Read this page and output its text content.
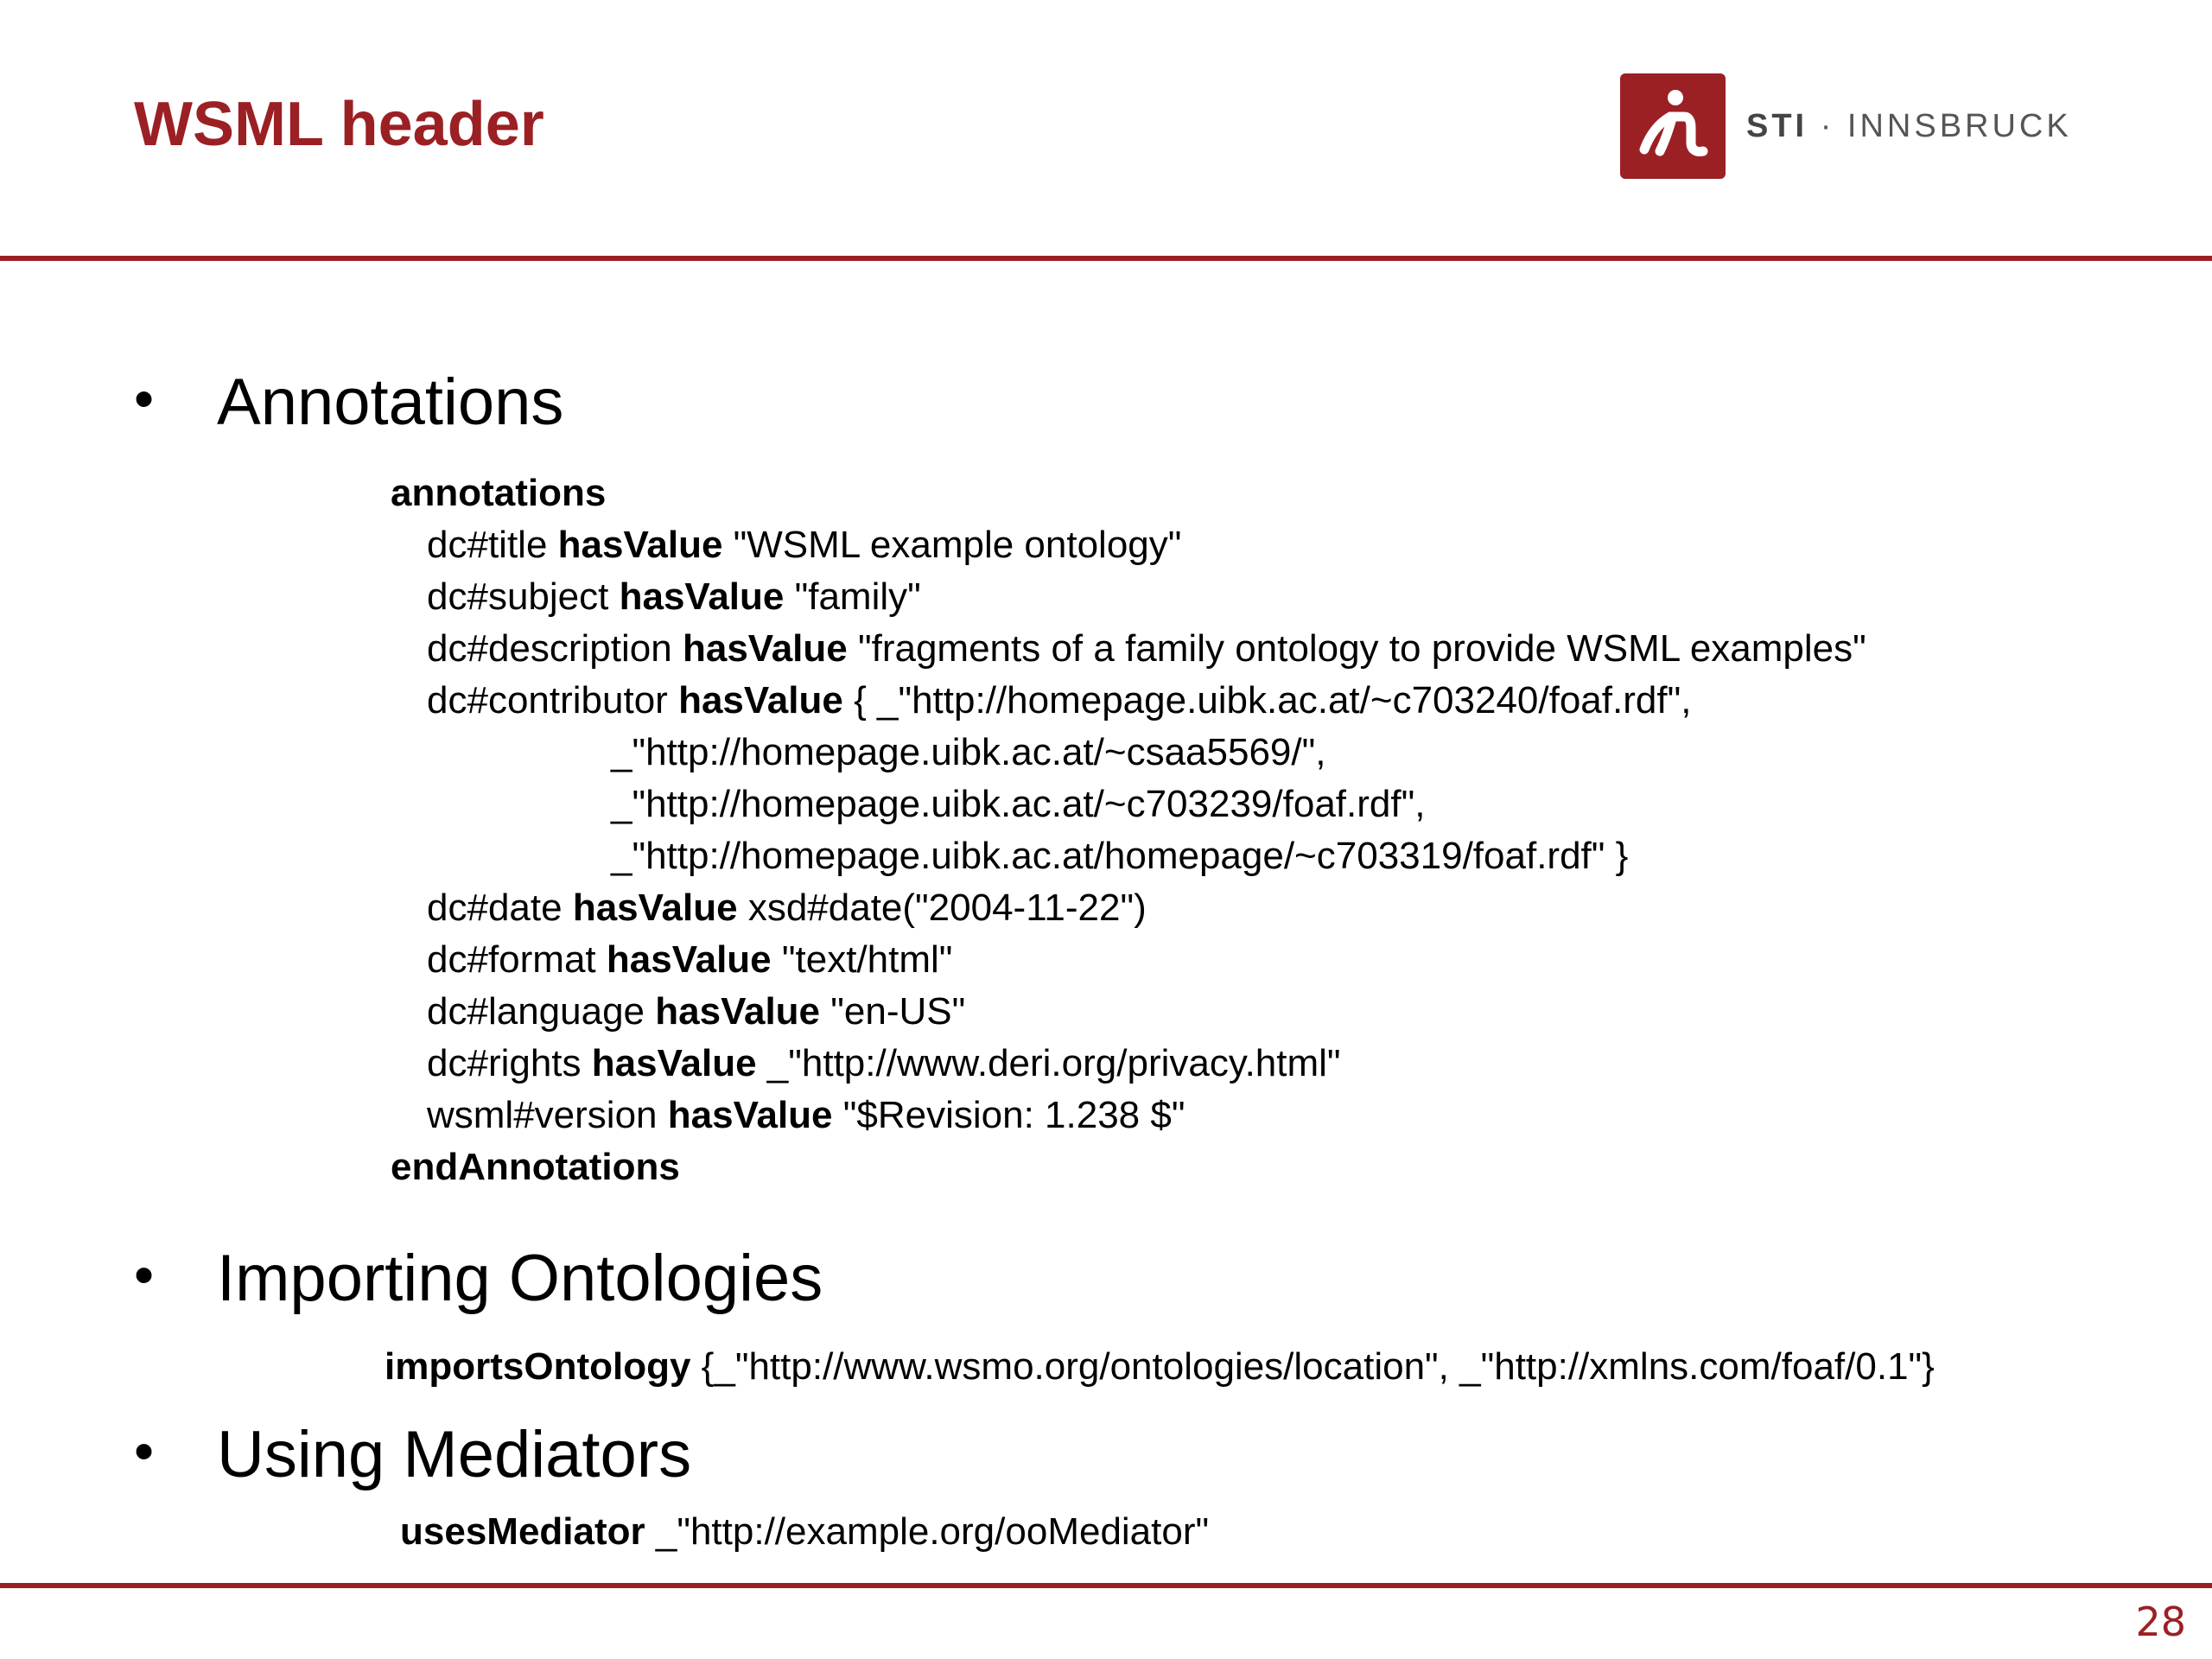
WSML header	STI · INNSBRUCK
• Annotations
annotations
dc#title hasValue "WSML example ontology"
dc#subject hasValue "family"
dc#description hasValue "fragments of a family ontology to provide WSML examples"
dc#contributor hasValue { _"http://homepage.uibk.ac.at/~c703240/foaf.rdf",
_"http://homepage.uibk.ac.at/~csaa5569/",
_"http://homepage.uibk.ac.at/~c703239/foaf.rdf",
_"http://homepage.uibk.ac.at/homepage/~c703319/foaf.rdf" }
dc#date hasValue xsd#date("2004-11-22")
dc#format hasValue "text/html"
dc#language hasValue "en-US"
dc#rights hasValue _"http://www.deri.org/privacy.html"
wsml#version hasValue "$Revision: 1.238 $"
endAnnotations
• Importing Ontologies
importsOntology {_"http://www.wsmo.org/ontologies/location", _"http://xmlns.com/foaf/0.1"}
• Using Mediators
usesMediator _"http://example.org/ooMediator"
28
